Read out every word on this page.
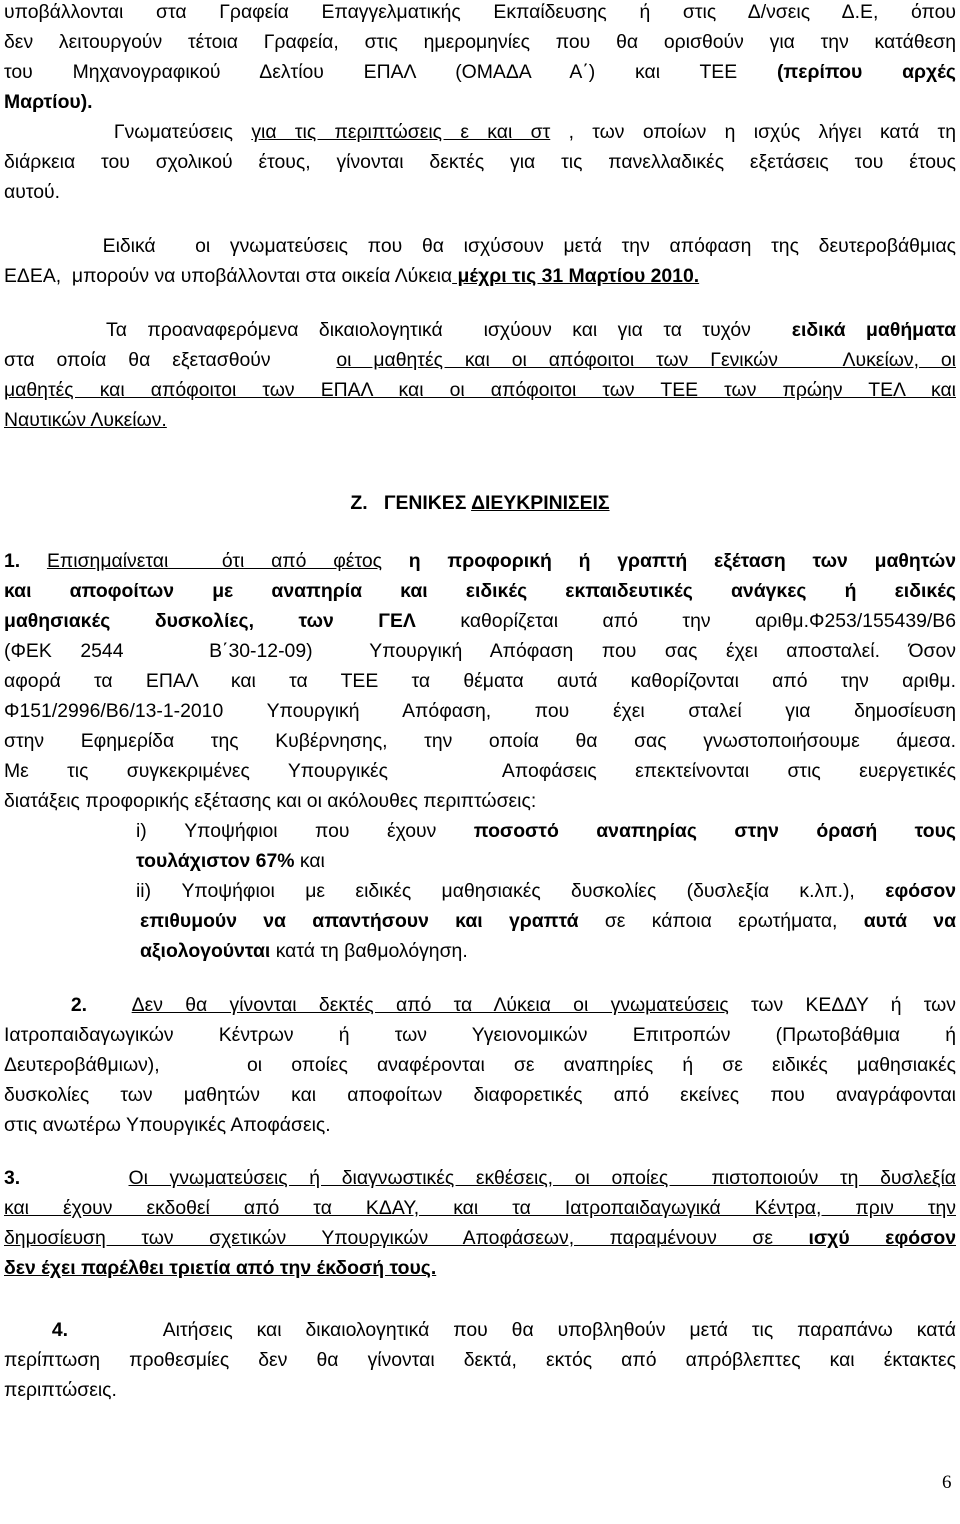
υποβάλλονται στα Γραφεία Επαγγελματικής Εκπαίδευσης ή στις Δ/νσεις Δ.Ε, όπου
δεν λειτουργούν τέτοια Γραφεία, στις ημερομηνίες που θα ορισθούν για την κατάθεση
του Μηχανογραφικού Δελτίου ΕΠΑΛ (ΟΜΑΔΑ Α΄) και ΤΕΕ (περίπου αρχές
Μαρτίου).
Γνωματεύσεις για τις περιπτώσεις ε και στ , των οποίων η ισχύς λήγει κατά τη
διάρκεια του σχολικού έτους, γίνονται δεκτές για τις πανελλαδικές εξετάσεις του έτους
αυτού.
Ειδικά  οι γνωματεύσεις που θα ισχύσουν μετά την απόφαση της δευτεροβάθμιας
ΕΔΕΑ,  μπορούν να υποβάλλονται στα οικεία Λύκεια μέχρι τις 31 Μαρτίου 2010.
Τα προαναφερόμενα δικαιολογητικά  ισχύουν και για τα τυχόν  ειδικά μαθήματα
στα οποία θα εξετασθούν   οι μαθητές και οι απόφοιτοι των Γενικών   Λυκείων, οι
μαθητές και απόφοιτοι των ΕΠΑΛ και οι απόφοιτοι των ΤΕΕ των πρώην ΤΕΛ και
Ναυτικών Λυκείων.
Ζ.   ΓΕΝΙΚΕΣ ΔΙΕΥΚΡΙΝΙΣΕΙΣ
1. Επισημαίνεται  ότι από φέτος η προφορική ή γραπτή εξέταση των μαθητών
και αποφοίτων με αναπηρία και ειδικές εκπαιδευτικές ανάγκες ή ειδικές
μαθησιακές δυσκολίες, των ΓΕΛ καθορίζεται από την αριθμ.Φ253/155439/Β6
(ΦΕΚ 2544   Β΄30-12-09)  Υπουργική Απόφαση που σας έχει αποσταλεί. Όσον
αφορά τα ΕΠΑΛ και τα ΤΕΕ τα θέματα αυτά καθορίζονται από την αριθμ.
Φ151/2996/Β6/13-1-2010 Υπουργική Απόφαση, που έχει σταλεί για δημοσίευση
στην Εφημερίδα της Κυβέρνησης, την οποία θα σας γνωστοποιήσουμε άμεσα.
Με τις συγκεκριμένες Υπουργικές   Αποφάσεις επεκτείνονται στις ευεργετικές
διατάξεις προφορικής εξέτασης και οι ακόλουθες περιπτώσεις:
i) Υποψήφιοι που έχουν ποσοστό αναπηρίας στην όρασή τους
τουλάχιστον 67% και
ii) Υποψήφιοι με ειδικές μαθησιακές δυσκολίες (δυσλεξία κ.λπ.), εφόσον
επιθυμούν να απαντήσουν και γραπτά σε κάποια ερωτήματα, αυτά να
αξιολογούνται κατά τη βαθμολόγηση.
2.  Δεν θα γίνονται δεκτές από τα Λύκεια οι γνωματεύσεις των ΚΕΔΔΥ ή των
Ιατροπαιδαγωγικών Κέντρων ή των Υγειονομικών Επιτροπών (Πρωτοβάθμια ή
Δευτεροβάθμιων),   οι οποίες αναφέρονται σε αναπηρίες ή σε ειδικές μαθησιακές
δυσκολίες των μαθητών και αποφοίτων διαφορετικές από εκείνες που αναγράφονται
στις ανωτέρω Υπουργικές Αποφάσεις.
3.	Οι γνωματεύσεις ή διαγνωστικές εκθέσεις, οι οποίες  πιστοποιούν τη δυσλεξία
και έχουν εκδοθεί από τα ΚΔΑΥ, και τα Ιατροπαιδαγωγικά Κέντρα, πριν την
δημοσίευση των σχετικών Υπουργικών Αποφάσεων, παραμένουν σε ισχύ εφόσον
δεν έχει παρέλθει τριετία από την έκδοσή τους.
4.    Αιτήσεις και δικαιολογητικά που θα υποβληθούν μετά τις παραπάνω κατά
περίπτωση προθεσμίες δεν θα γίνονται δεκτά, εκτός από απρόβλεπτες και έκτακτες
περιπτώσεις.
6
